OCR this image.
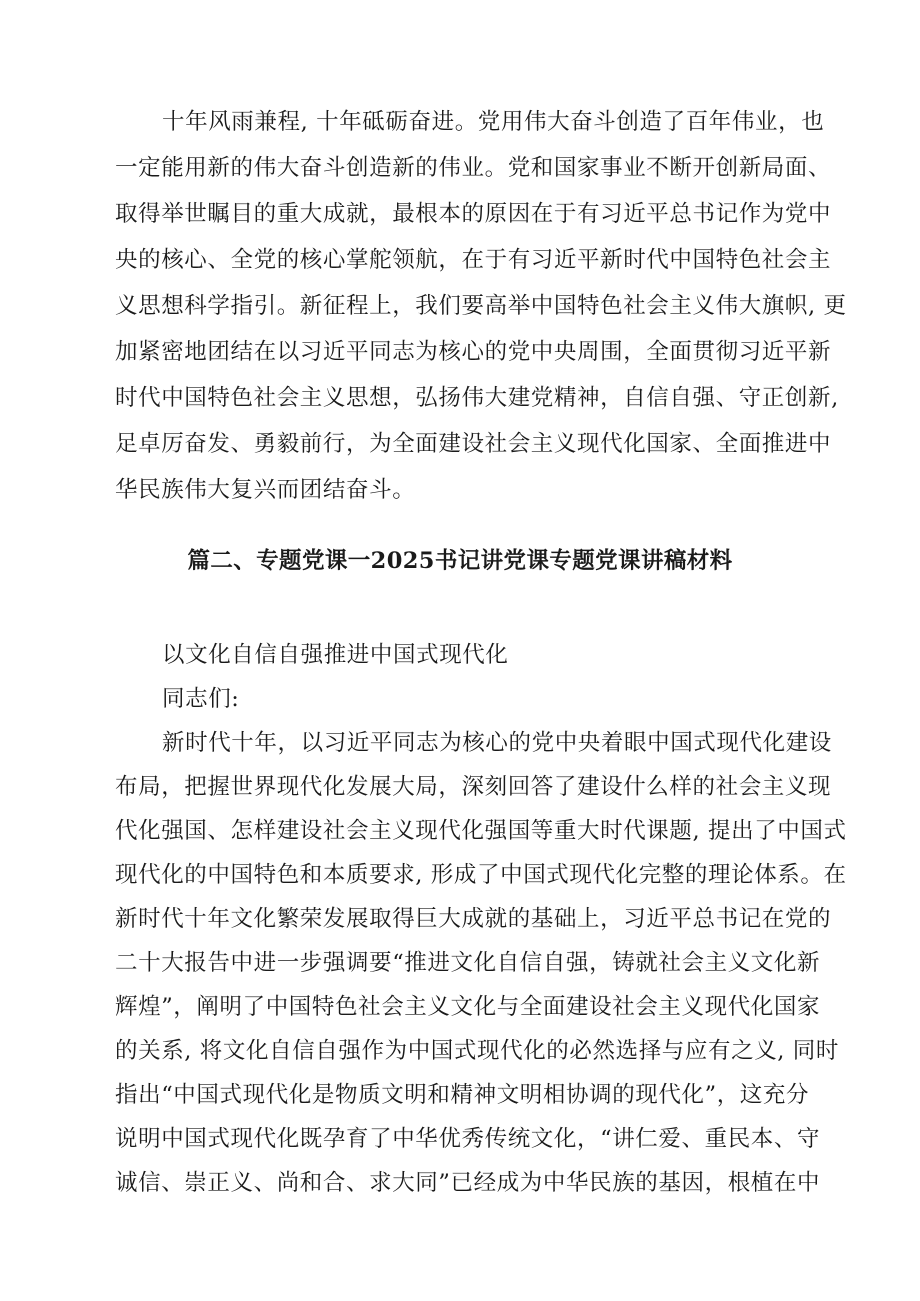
十年风雨兼程, 十年砥砺奋进。党用伟大奋斗创造了百年伟业，也
一定能用新的伟大奋斗创造新的伟业。党和国家事业不断开创新局面、
取得举世瞩目的重大成就，最根本的原因在于有习近平总书记作为党中
央的核心、全党的核心掌舵领航，在于有习近平新时代中国特色社会主
义思想科学指引。新征程上，我们要高举中国特色社会主义伟大旗帜, 更
加紧密地团结在以习近平同志为核心的党中央周围，全面贯彻习近平新
时代中国特色社会主义思想，弘扬伟大建党精神，自信自强、守正创新,
足卓厉奋发、勇毅前行，为全面建设社会主义现代化国家、全面推进中
华民族伟大复兴而团结奋斗。
篇二、专题党课一2025书记讲党课专题党课讲稿材料
以文化自信自强推进中国式现代化
同志们:
新时代十年，以习近平同志为核心的党中央着眼中国式现代化建设
布局，把握世界现代化发展大局，深刻回答了建设什么样的社会主义现
代化强国、怎样建设社会主义现代化强国等重大时代课题, 提出了中国式
现代化的中国特色和本质要求, 形成了中国式现代化完整的理论体系。在
新时代十年文化繁荣发展取得巨大成就的基础上，习近平总书记在党的
二十大报告中进一步强调要“推进文化自信自强，铸就社会主义文化新
辉煌”，阐明了中国特色社会主义文化与全面建设社会主义现代化国家
的关系, 将文化自信自强作为中国式现代化的必然选择与应有之义, 同时
指出“中国式现代化是物质文明和精神文明相协调的现代化”，这充分
说明中国式现代化既孕育了中华优秀传统文化，“讲仁爱、重民本、守
诚信、崇正义、尚和合、求大同”已经成为中华民族的基因，根植在中
